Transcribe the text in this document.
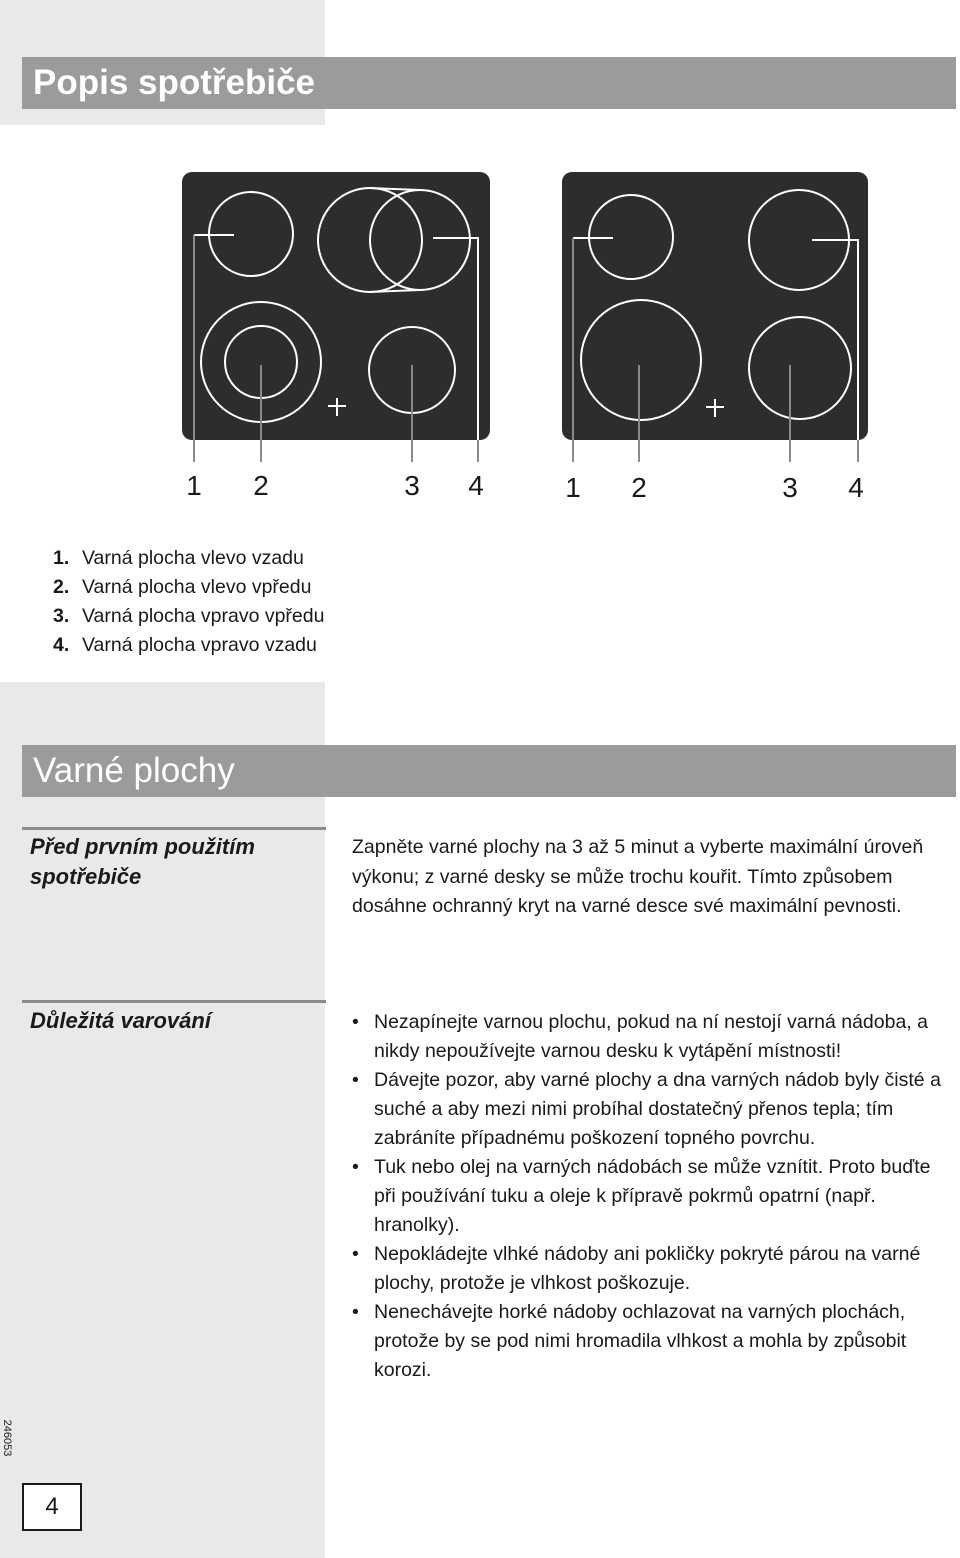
Popis spotřebiče
1 2	3 4	1 2	3 4
1. Varná plocha vlevo vzadu
2. Varná plocha vlevo vpředu
3. Varná plocha vpravo vpředu
4. Varná plocha vpravo vzadu
Varné plochy
Před prvním použitím spotřebiče

Zapněte varné plochy na 3 až 5 minut a vyberte maximální úroveň výkonu; z varné desky se může trochu kouřit. Tímto způsobem dosáhne ochranný kryt na varné desce své maximální pevnosti.

Důležitá varování
•	Nezapínejte varnou plochu, pokud na ní nestojí varná nádoba, a nikdy nepoužívejte varnou desku k vytápění místnosti!
• Dávejte pozor, aby varné plochy a dna varných nádob byly čisté a suché a aby mezi nimi probíhal dostatečný přenos tepla; tím zabráníte případnému poškození topného povrchu.
• Tuk nebo olej na varných nádobách se může vznítit. Proto buďte při používání tuku a oleje k přípravě pokrmů opatrní (např. hranolky).
• Nepokládejte vlhké nádoby ani pokličky pokryté párou na varné plochy, protože je vlhkost poškozuje.
• Nenechávejte horké nádoby ochlazovat na varných plochách, protože by se pod nimi hromadila vlhkost a mohla by způsobit korozi.
246053
4
